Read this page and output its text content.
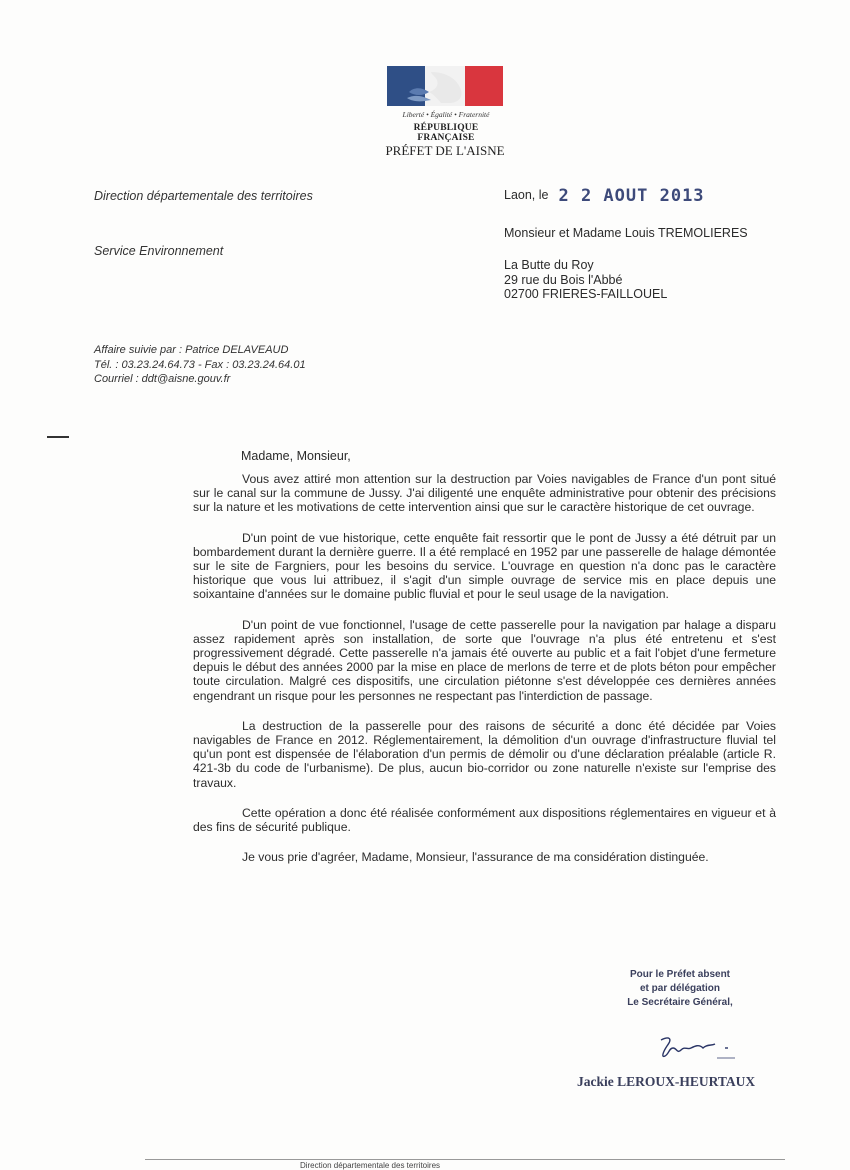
Liberté • Égalité • Fraternité
RÉPUBLIQUE FRANÇAISE
PRÉFET DE L'AISNE
Direction départementale des territoires
Service Environnement
Affaire suivie par : Patrice DELAVEAUD
Tél. : 03.23.24.64.73 - Fax : 03.23.24.64.01
Courriel : ddt@aisne.gouv.fr
Laon, le 2 2 AOUT 2013
Monsieur et Madame Louis TREMOLIERES
La Butte du Roy
29 rue du Bois l'Abbé
02700 FRIERES-FAILLOUEL
Madame, Monsieur,

Vous avez attiré mon attention sur la destruction par Voies navigables de France d'un pont situé sur le canal sur la commune de Jussy. J'ai diligenté une enquête administrative pour obtenir des précisions sur la nature et les motivations de cette intervention ainsi que sur le caractère historique de cet ouvrage.

D'un point de vue historique, cette enquête fait ressortir que le pont de Jussy a été détruit par un bombardement durant la dernière guerre. Il a été remplacé en 1952 par une passerelle de halage démontée sur le site de Fargniers, pour les besoins du service. L'ouvrage en question n'a donc pas le caractère historique que vous lui attribuez, il s'agit d'un simple ouvrage de service mis en place depuis une soixantaine d'années sur le domaine public fluvial et pour le seul usage de la navigation.

D'un point de vue fonctionnel, l'usage de cette passerelle pour la navigation par halage a disparu assez rapidement après son installation, de sorte que l'ouvrage n'a plus été entretenu et s'est progressivement dégradé. Cette passerelle n'a jamais été ouverte au public et a fait l'objet d'une fermeture depuis le début des années 2000 par la mise en place de merlons de terre et de plots béton pour empêcher toute circulation. Malgré ces dispositifs, une circulation piétonne s'est développée ces dernières années engendrant un risque pour les personnes ne respectant pas l'interdiction de passage.

La destruction de la passerelle pour des raisons de sécurité a donc été décidée par Voies navigables de France en 2012. Réglementairement, la démolition d'un ouvrage d'infrastructure fluvial tel qu'un pont est dispensée de l'élaboration d'un permis de démolir ou d'une déclaration préalable (article R. 421-3b du code de l'urbanisme). De plus, aucun bio-corridor ou zone naturelle n'existe sur l'emprise des travaux.

Cette opération a donc été réalisée conformément aux dispositions réglementaires en vigueur et à des fins de sécurité publique.

Je vous prie d'agréer, Madame, Monsieur, l'assurance de ma considération distinguée.

Pour le Préfet absent
et par délégation
Le Secrétaire Général,
Jackie LEROUX-HEURTAUX
Direction départementale des territoires
